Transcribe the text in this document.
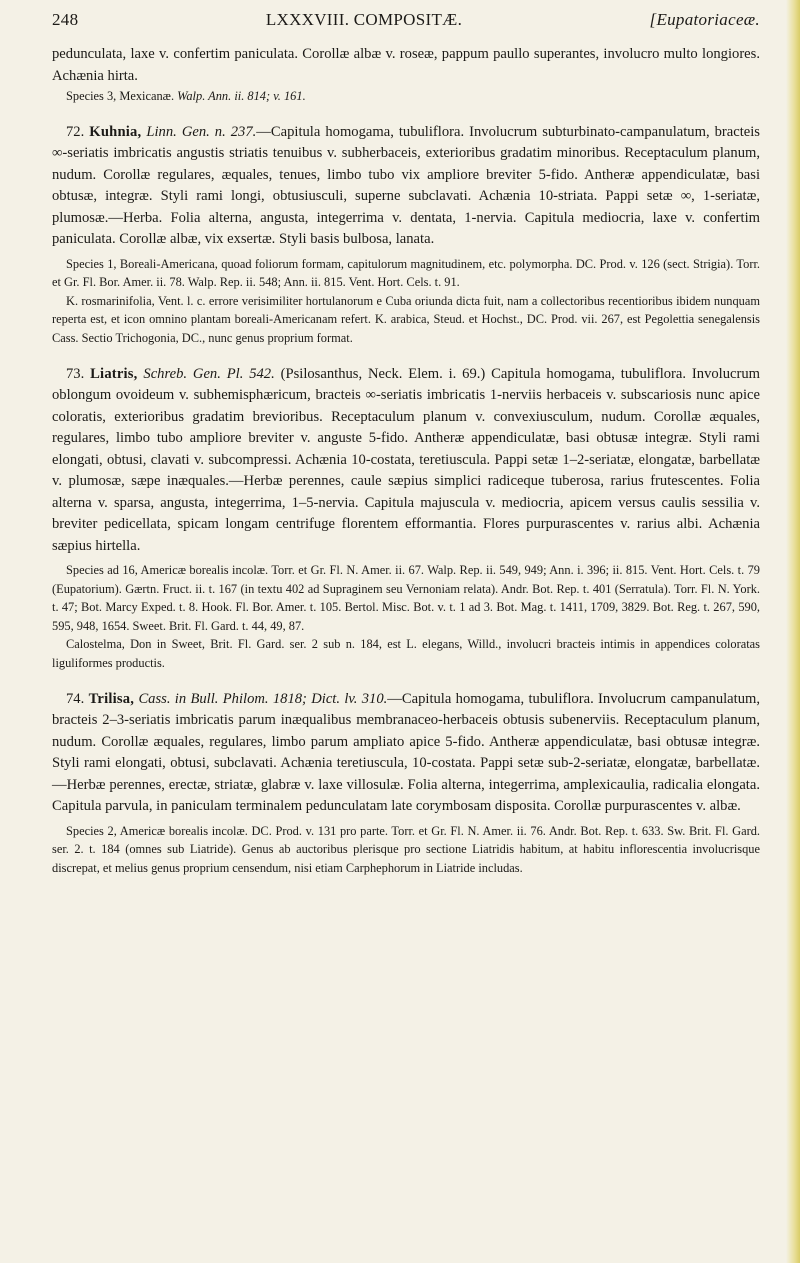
248	LXXXVIII. COMPOSITÆ.	[Eupatoriaceæ.

pedunculata, laxe v. confertim paniculata. Corollæ albæ v. roseæ, pappum paullo superantes, involucro multo longiores. Achænia hirta.

Species 3, Mexicanæ. Walp. Ann. ii. 814; v. 161.

72. Kuhnia, Linn. Gen. n. 237.—Capitula homogama, tubuliflora. Involucrum subturbinato-campanulatum, bracteis ∞-seriatis imbricatis angustis striatis tenuibus v. subherbaceis, exterioribus gradatim minoribus. Receptaculum planum, nudum. Corollæ regulares, æquales, tenues, limbo tubo vix ampliore breviter 5-fido. Antheræ appendiculatæ, basi obtusæ, integræ. Styli rami longi, obtusiusculi, superne subclavati. Achænia 10-striata. Pappi setæ ∞, 1-seriatæ, plumosæ.—Herba. Folia alterna, angusta, integerrima v. dentata, 1-nervia. Capitula mediocria, laxe v. confertim paniculata. Corollæ albæ, vix exsertæ. Styli basis bulbosa, lanata.

Species 1, Boreali-Americana, quoad foliorum formam, capitulorum magnitudinem, etc. polymorpha. DC. Prod. v. 126 (sect. Strigia). Torr. et Gr. Fl. Bor. Amer. ii. 78. Walp. Rep. ii. 548; Ann. ii. 815. Vent. Hort. Cels. t. 91.

K. rosmarinifolia, Vent. l. c. errore verisimiliter hortulanorum e Cuba oriunda dicta fuit, nam a collectoribus recentioribus ibidem nunquam reperta est, et icon omnino plantam boreali-Americanam refert. K. arabica, Steud. et Hochst., DC. Prod. vii. 267, est Pegolettia senegalensis Cass. Sectio Trichogonia, DC., nunc genus proprium format.

73. Liatris, Schreb. Gen. Pl. 542. (Psilosanthus, Neck. Elem. i. 69.) Capitula homogama, tubuliflora. Involucrum oblongum ovoideum v. subhemisphæricum, bracteis ∞-seriatis imbricatis 1-nerviis herbaceis v. subscariosis nunc apice coloratis, exterioribus gradatim brevioribus. Receptaculum planum v. convexiusculum, nudum. Corollæ æquales, regulares, limbo tubo ampliore breviter v. anguste 5-fido. Antheræ appendiculatæ, basi obtusæ integræ. Styli rami elongati, obtusi, clavati v. subcompressi. Achænia 10-costata, teretiuscula. Pappi setæ 1–2-seriatæ, elongatæ, barbellatæ v. plumosæ, sæpe inæquales.—Herbæ perennes, caule sæpius simplici radiceque tuberosa, rarius frutescentes. Folia alterna v. sparsa, angusta, integerrima, 1–5-nervia. Capitula majuscula v. mediocria, apicem versus caulis sessilia v. breviter pedicellata, spicam longam centrifuge florentem efformantia. Flores purpurascentes v. rarius albi. Achænia sæpius hirtella.

Species ad 16, Americæ borealis incolæ. Torr. et Gr. Fl. N. Amer. ii. 67. Walp. Rep. ii. 549, 949; Ann. i. 396; ii. 815. Vent. Hort. Cels. t. 79 (Eupatorium). Gærtn. Fruct. ii. t. 167 (in textu 402 ad Supraginem seu Vernoniam relata). Andr. Bot. Rep. t. 401 (Serratula). Torr. Fl. N. York. t. 47; Bot. Marcy Exped. t. 8. Hook. Fl. Bor. Amer. t. 105. Bertol. Misc. Bot. v. t. 1 ad 3. Bot. Mag. t. 1411, 1709, 3829. Bot. Reg. t. 267, 590, 595, 948, 1654. Sweet. Brit. Fl. Gard. t. 44, 49, 87.

Calostelma, Don in Sweet, Brit. Fl. Gard. ser. 2 sub n. 184, est L. elegans, Willd., involucri bracteis intimis in appendices coloratas liguliformes productis.

74. Trilisa, Cass. in Bull. Philom. 1818; Dict. lv. 310.—Capitula homogama, tubuliflora. Involucrum campanulatum, bracteis 2–3-seriatis imbricatis parum inæqualibus membranaceo-herbaceis obtusis subenerviis. Receptaculum planum, nudum. Corollæ æquales, regulares, limbo parum ampliato apice 5-fido. Antheræ appendiculatæ, basi obtusæ integræ. Styli rami elongati, obtusi, subclavati. Achænia teretiuscula, 10-costata. Pappi setæ sub-2-seriatæ, elongatæ, barbellatæ.—Herbæ perennes, erectæ, striatæ, glabræ v. laxe villosulæ. Folia alterna, integerrima, amplexicaulia, radicalia elongata. Capitula parvula, in paniculam terminalem pedunculatam late corymbosam disposita. Corollæ purpurascentes v. albæ.

Species 2, Americæ borealis incolæ. DC. Prod. v. 131 pro parte. Torr. et Gr. Fl. N. Amer. ii. 76. Andr. Bot. Rep. t. 633. Sw. Brit. Fl. Gard. ser. 2. t. 184 (omnes sub Liatride). Genus ab auctoribus plerisque pro sectione Liatridis habitum, at habitu inflorescentia involucrisque discrepat, et melius genus proprium censendum, nisi etiam Carphephorum in Liatride includas.
